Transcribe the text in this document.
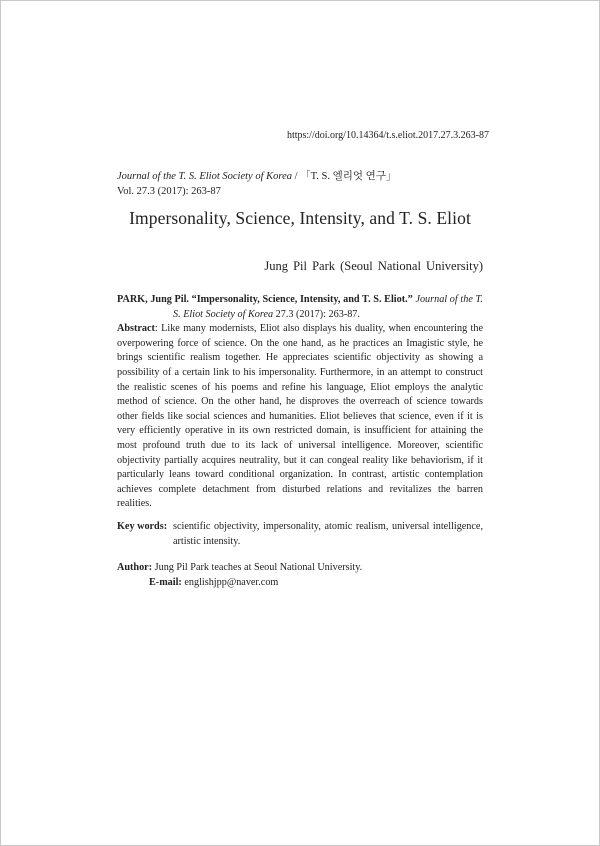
https://doi.org/10.14364/t.s.eliot.2017.27.3.263-87
Journal of the T. S. Eliot Society of Korea / 「T. S. 엘리엇 연구」
Vol. 27.3 (2017): 263-87
Impersonality, Science, Intensity, and T. S. Eliot
Jung Pil Park (Seoul National University)

PARK, Jung Pil. “Impersonality, Science, Intensity, and T. S. Eliot.” Journal of the T. S. Eliot Society of Korea 27.3 (2017): 263-87.

Abstract: Like many modernists, Eliot also displays his duality, when encountering the overpowering force of science. On the one hand, as he practices an Imagistic style, he brings scientific realism together. He appreciates scientific objectivity as showing a possibility of a certain link to his impersonality. Furthermore, in an attempt to construct the realistic scenes of his poems and refine his language, Eliot employs the analytic method of science. On the other hand, he disproves the overreach of science towards other fields like social sciences and humanities. Eliot believes that science, even if it is very efficiently operative in its own restricted domain, is insufficient for attaining the most profound truth due to its lack of universal intelligence. Moreover, scientific objectivity partially acquires neutrality, but it can congeal reality like behaviorism, if it particularly leans toward conditional organization. In contrast, artistic contemplation achieves complete detachment from disturbed relations and revitalizes the barren realities.

Key words: scientific objectivity, impersonality, atomic realism, universal intelligence, artistic intensity.
Author: Jung Pil Park teaches at Seoul National University.
E-mail: englishjpp@naver.com
